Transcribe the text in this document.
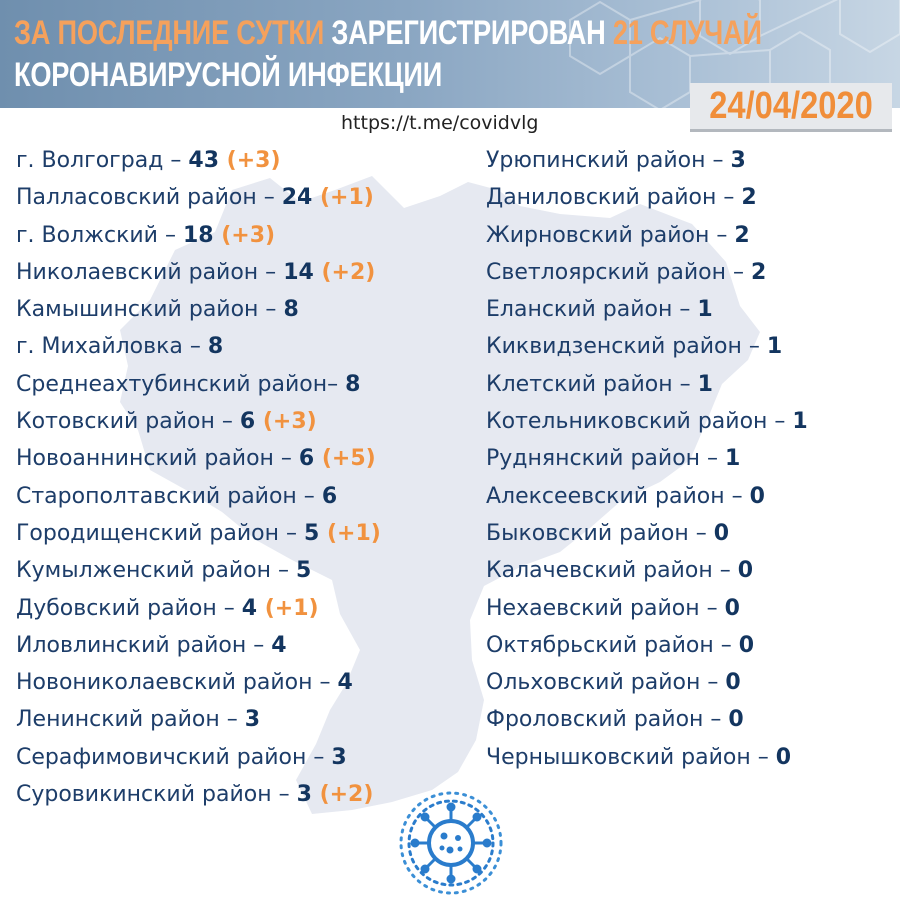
ЗА ПОСЛЕДНИЕ СУТКИ ЗАРЕГИСТРИРОВАН 21 СЛУЧАЙ
КОРОНАВИРУСНОЙ ИНФЕКЦИИ
24/04/2020
https://t.me/covidvlg
г. Волгоград – 43 (+3)
Палласовский район – 24 (+1)
г. Волжский – 18 (+3)
Николаевский район – 14 (+2)
Камышинский район – 8
г. Михайловка – 8
Среднеахтубинский район– 8
Котовский район – 6 (+3)
Новоаннинский район – 6 (+5)
Старополтавский район – 6
Городищенский район – 5 (+1)
Кумылженский район – 5
Дубовский район – 4 (+1)
Иловлинский район – 4
Новониколаевский район – 4
Ленинский район – 3
Серафимовичский район – 3
Суровикинский район – 3 (+2)
Урюпинский район – 3
Даниловский район – 2
Жирновский район – 2
Светлоярский район – 2
Еланский район – 1
Киквидзенский район – 1
Клетский район – 1
Котельниковский район – 1
Руднянский район – 1
Алексеевский район – 0
Быковский район – 0
Калачевский район – 0
Нехаевский район – 0
Октябрьский район – 0
Ольховский район – 0
Фроловский район – 0
Чернышковский район – 0
